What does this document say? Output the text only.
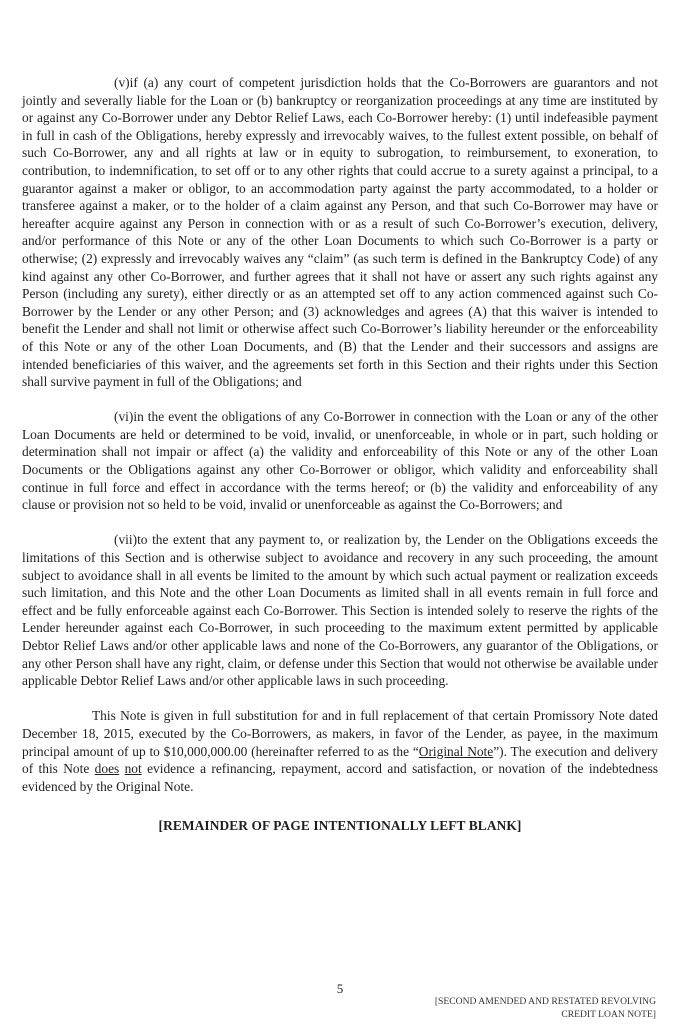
(v)if (a) any court of competent jurisdiction holds that the Co-Borrowers are guarantors and not jointly and severally liable for the Loan or (b) bankruptcy or reorganization proceedings at any time are instituted by or against any Co-Borrower under any Debtor Relief Laws, each Co-Borrower hereby: (1) until indefeasible payment in full in cash of the Obligations, hereby expressly and irrevocably waives, to the fullest extent possible, on behalf of such Co-Borrower, any and all rights at law or in equity to subrogation, to reimbursement, to exoneration, to contribution, to indemnification, to set off or to any other rights that could accrue to a surety against a principal, to a guarantor against a maker or obligor, to an accommodation party against the party accommodated, to a holder or transferee against a maker, or to the holder of a claim against any Person, and that such Co-Borrower may have or hereafter acquire against any Person in connection with or as a result of such Co-Borrower’s execution, delivery, and/or performance of this Note or any of the other Loan Documents to which such Co-Borrower is a party or otherwise; (2) expressly and irrevocably waives any “claim” (as such term is defined in the Bankruptcy Code) of any kind against any other Co-Borrower, and further agrees that it shall not have or assert any such rights against any Person (including any surety), either directly or as an attempted set off to any action commenced against such Co-Borrower by the Lender or any other Person; and (3) acknowledges and agrees (A) that this waiver is intended to benefit the Lender and shall not limit or otherwise affect such Co-Borrower’s liability hereunder or the enforceability of this Note or any of the other Loan Documents, and (B) that the Lender and their successors and assigns are intended beneficiaries of this waiver, and the agreements set forth in this Section and their rights under this Section shall survive payment in full of the Obligations; and

(vi)in the event the obligations of any Co-Borrower in connection with the Loan or any of the other Loan Documents are held or determined to be void, invalid, or unenforceable, in whole or in part, such holding or determination shall not impair or affect (a) the validity and enforceability of this Note or any of the other Loan Documents or the Obligations against any other Co-Borrower or obligor, which validity and enforceability shall continue in full force and effect in accordance with the terms hereof; or (b) the validity and enforceability of any clause or provision not so held to be void, invalid or unenforceable as against the Co-Borrowers; and

(vii)to the extent that any payment to, or realization by, the Lender on the Obligations exceeds the limitations of this Section and is otherwise subject to avoidance and recovery in any such proceeding, the amount subject to avoidance shall in all events be limited to the amount by which such actual payment or realization exceeds such limitation, and this Note and the other Loan Documents as limited shall in all events remain in full force and effect and be fully enforceable against each Co-Borrower. This Section is intended solely to reserve the rights of the Lender hereunder against each Co-Borrower, in such proceeding to the maximum extent permitted by applicable Debtor Relief Laws and/or other applicable laws and none of the Co-Borrowers, any guarantor of the Obligations, or any other Person shall have any right, claim, or defense under this Section that would not otherwise be available under applicable Debtor Relief Laws and/or other applicable laws in such proceeding.

This Note is given in full substitution for and in full replacement of that certain Promissory Note dated December 18, 2015, executed by the Co-Borrowers, as makers, in favor of the Lender, as payee, in the maximum principal amount of up to $10,000,000.00 (hereinafter referred to as the “Original Note”). The execution and delivery of this Note does not evidence a refinancing, repayment, accord and satisfaction, or novation of the indebtedness evidenced by the Original Note.

[REMAINDER OF PAGE INTENTIONALLY LEFT BLANK]
5
[SECOND AMENDED AND RESTATED REVOLVING
CREDIT LOAN NOTE]
